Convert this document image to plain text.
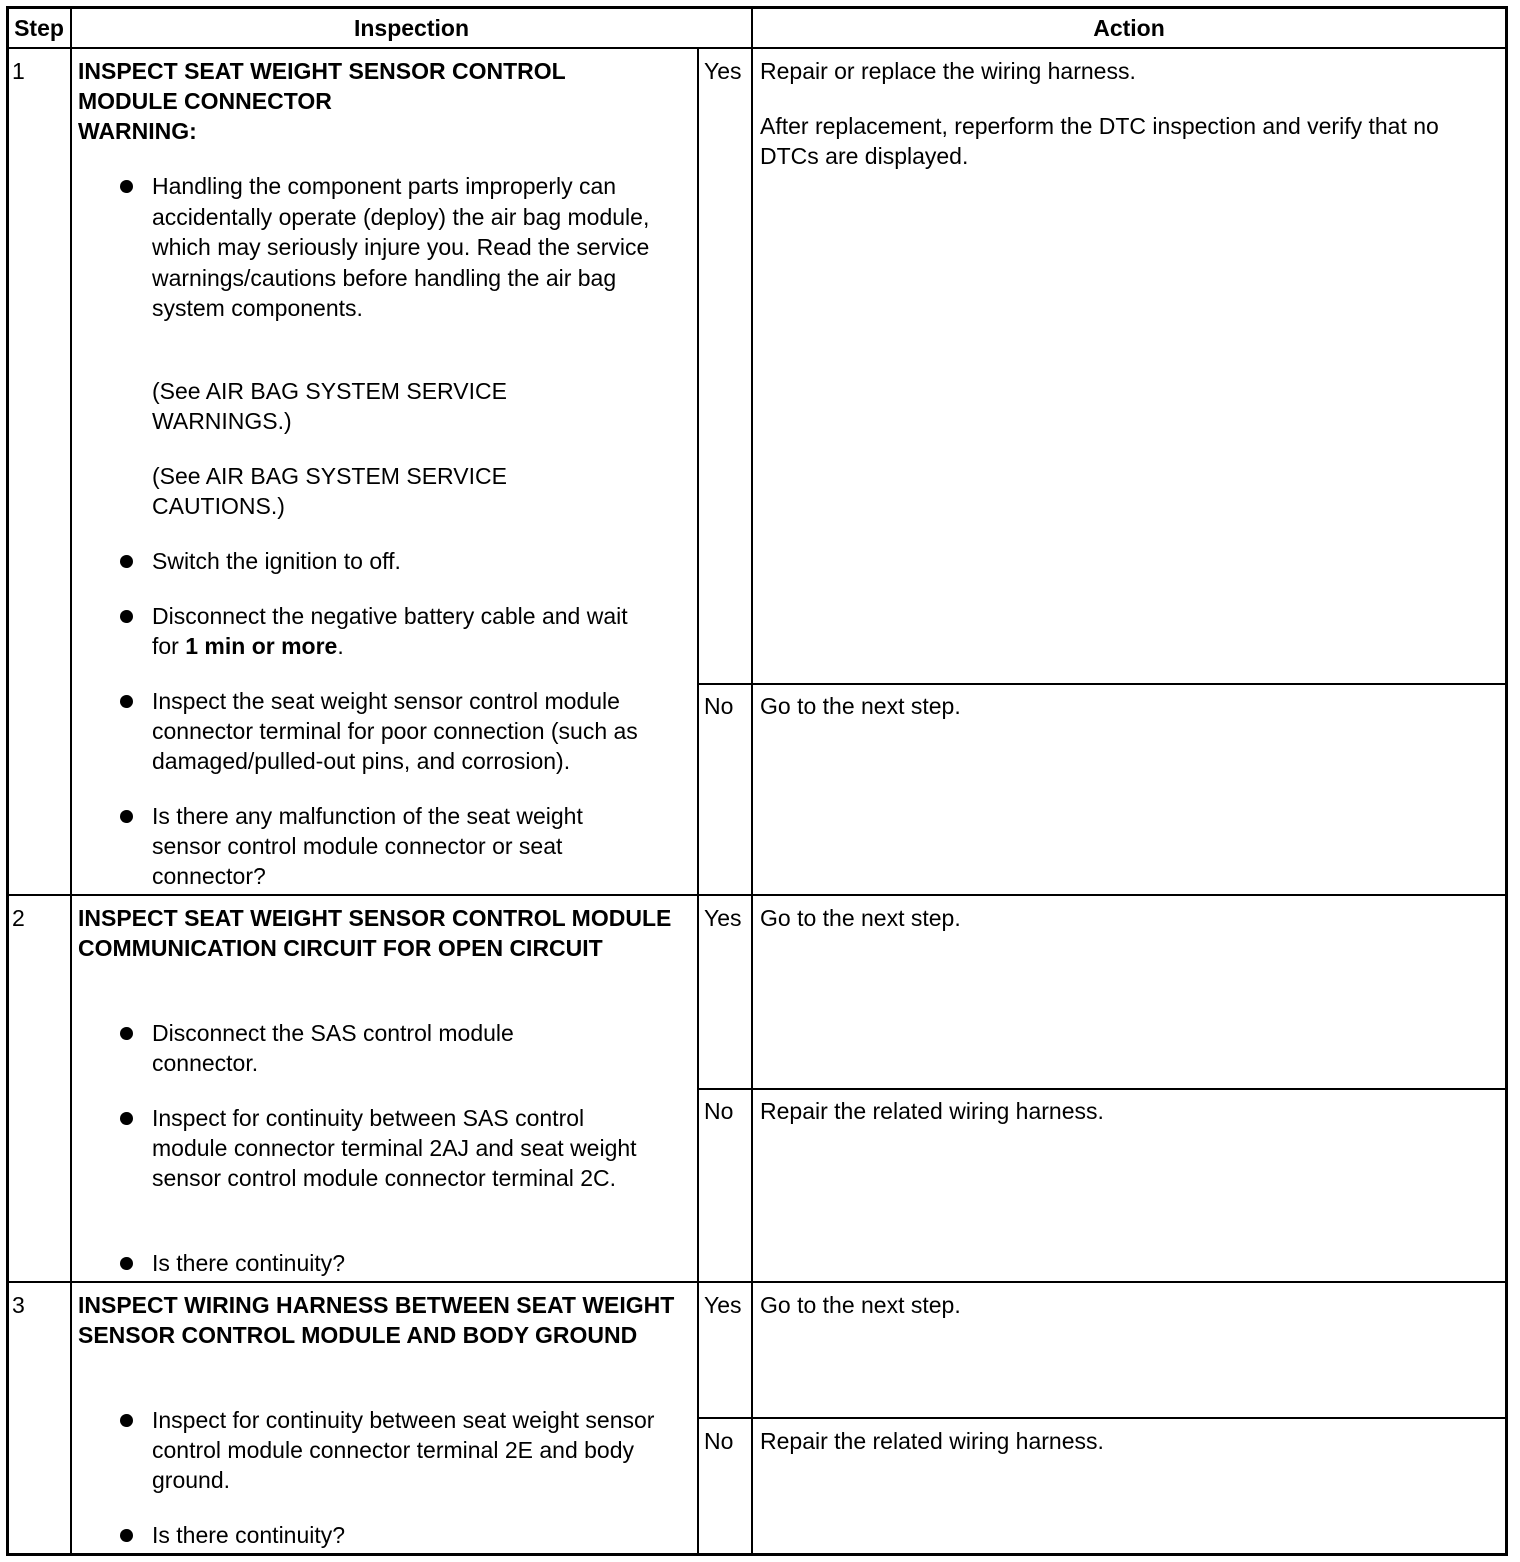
Step	Inspection	Action
1 INSPECT SEAT WEIGHT SENSOR CONTROL MODULE CONNECTOR
WARNING:
Handling the component parts improperly can accidentally operate (deploy) the air bag module, which may seriously injure you. Read the service warnings/cautions before handling the air bag system components.
(See AIR BAG SYSTEM SERVICE WARNINGS.)
(See AIR BAG SYSTEM SERVICE CAUTIONS.)
Switch the ignition to off.
Disconnect the negative battery cable and wait for 1 min or more.
Inspect the seat weight sensor control module connector terminal for poor connection (such as damaged/pulled-out pins, and corrosion).
Is there any malfunction of the seat weight sensor control module connector or seat connector?
Yes Repair or replace the wiring harness.
After replacement, reperform the DTC inspection and verify that no DTCs are displayed.
No Go to the next step.
2 INSPECT SEAT WEIGHT SENSOR CONTROL MODULE COMMUNICATION CIRCUIT FOR OPEN CIRCUIT
Disconnect the SAS control module connector.
Inspect for continuity between SAS control module connector terminal 2AJ and seat weight sensor control module connector terminal 2C.
Is there continuity?
Yes Go to the next step.
No Repair the related wiring harness.
3 INSPECT WIRING HARNESS BETWEEN SEAT WEIGHT SENSOR CONTROL MODULE AND BODY GROUND
Inspect for continuity between seat weight sensor control module connector terminal 2E and body ground.
Is there continuity?
Yes Go to the next step.
No Repair the related wiring harness.
